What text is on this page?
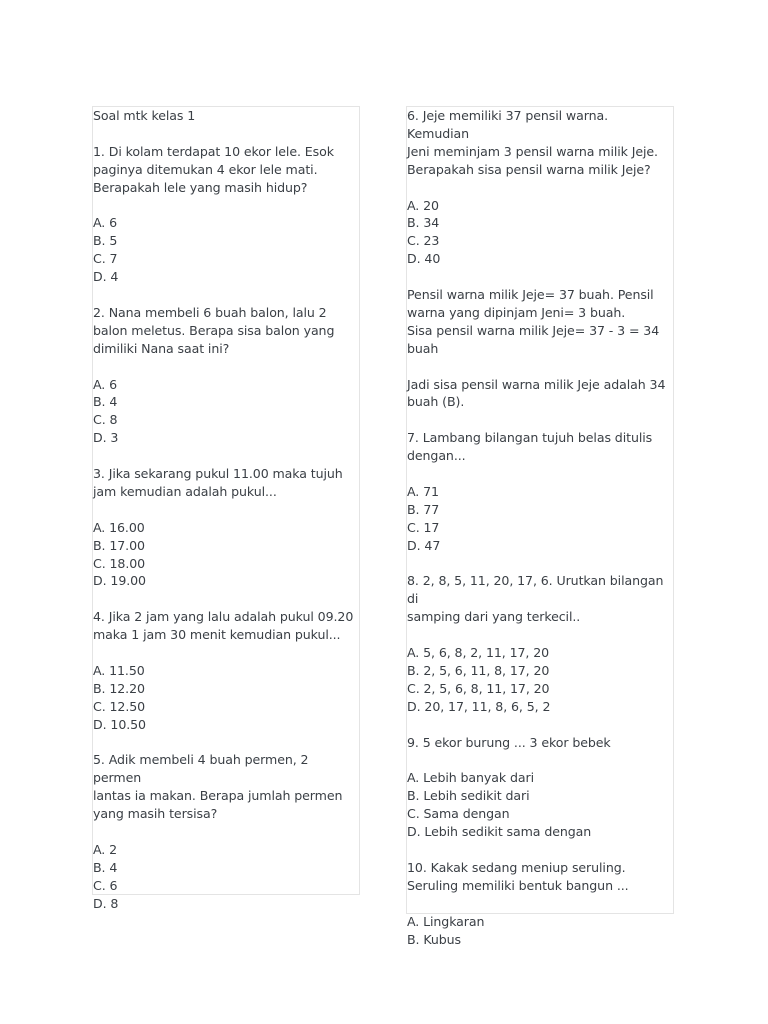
Soal mtk kelas 1
1. Di kolam terdapat 10 ekor lele. Esok
paginya ditemukan 4 ekor lele mati.
Berapakah lele yang masih hidup?
A. 6
B. 5
C. 7
D. 4
2. Nana membeli 6 buah balon, lalu 2
balon meletus. Berapa sisa balon yang
dimiliki Nana saat ini?
A. 6
B. 4
C. 8
D. 3
3. Jika sekarang pukul 11.00 maka tujuh
jam kemudian adalah pukul...
A. 16.00
B. 17.00
C. 18.00
D. 19.00
4. Jika 2 jam yang lalu adalah pukul 09.20
maka 1 jam 30 menit kemudian pukul...
A. 11.50
B. 12.20
C. 12.50
D. 10.50
5. Adik membeli 4 buah permen, 2 permen
lantas ia makan. Berapa jumlah permen
yang masih tersisa?
A. 2
B. 4
C. 6
D. 8
6. Jeje memiliki 37 pensil warna. Kemudian
Jeni meminjam 3 pensil warna milik Jeje.
Berapakah sisa pensil warna milik Jeje?
A. 20
B. 34
C. 23
D. 40
Pensil warna milik Jeje= 37 buah. Pensil
warna yang dipinjam Jeni= 3 buah.
Sisa pensil warna milik Jeje= 37 - 3 = 34
buah
Jadi sisa pensil warna milik Jeje adalah 34
buah (B).
7. Lambang bilangan tujuh belas ditulis
dengan...
A. 71
B. 77
C. 17
D. 47
8. 2, 8, 5, 11, 20, 17, 6. Urutkan bilangan di
samping dari yang terkecil..
A. 5, 6, 8, 2, 11, 17, 20
B. 2, 5, 6, 11, 8, 17, 20
C. 2, 5, 6, 8, 11, 17, 20
D. 20, 17, 11, 8, 6, 5, 2
9. 5 ekor burung ... 3 ekor bebek
A. Lebih banyak dari
B. Lebih sedikit dari
C. Sama dengan
D. Lebih sedikit sama dengan
10. Kakak sedang meniup seruling.
Seruling memiliki bentuk bangun ...
A. Lingkaran
B. Kubus
